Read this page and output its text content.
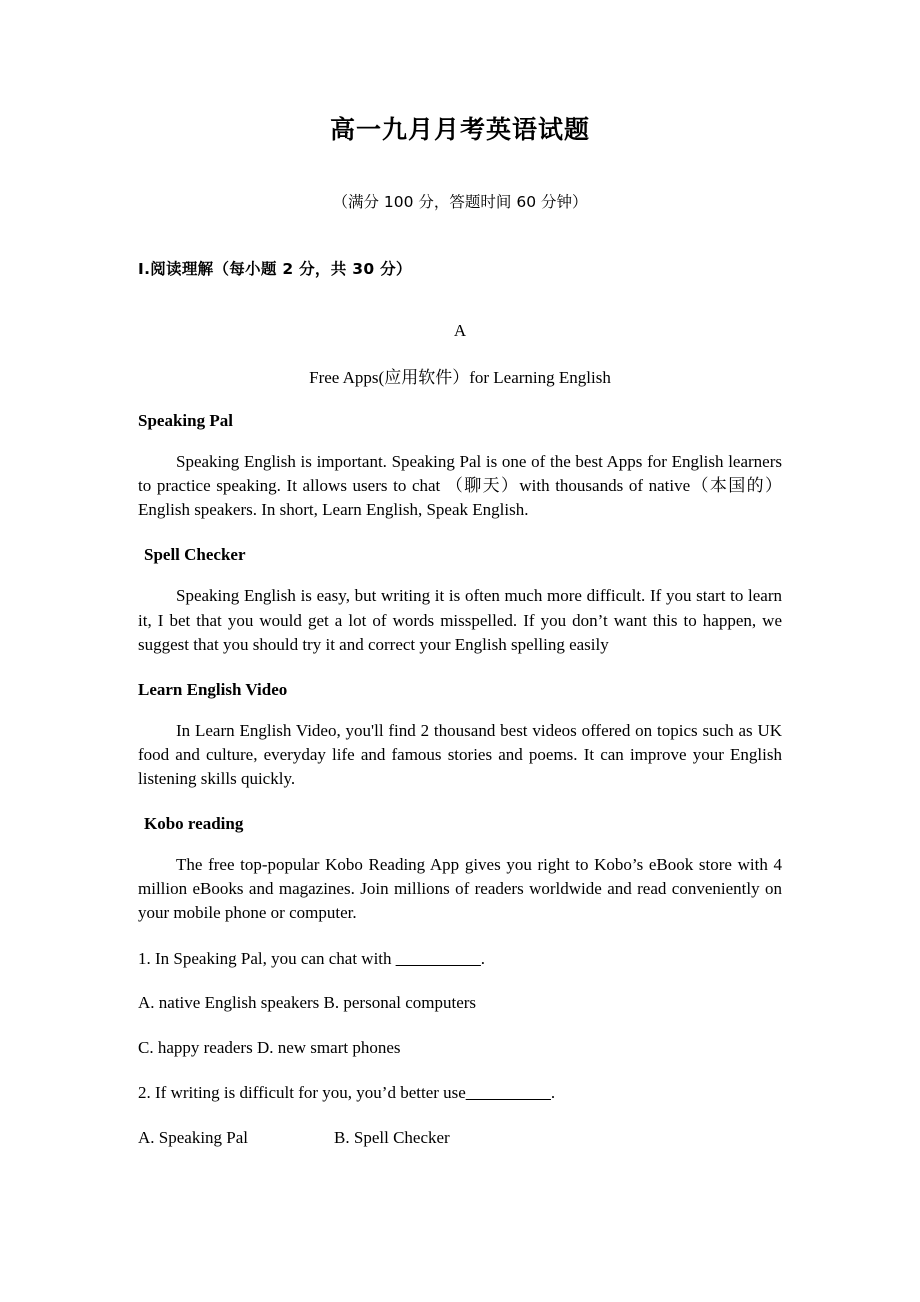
高一九月月考英语试题

（满分 100 分，答题时间 60 分钟）

Ⅰ.阅读理解（每小题 2 分，共 30 分）

A

Free Apps(应用软件）for Learning English

Speaking Pal

Speaking English is important. Speaking Pal is one of the best Apps for English learners to practice speaking. It allows users to chat （聊天）with thousands of native（本国的）English speakers. In short, Learn English, Speak English.

Spell Checker

Speaking English is easy, but writing it is often much more difficult. If you start to learn it, I bet that you would get a lot of words misspelled. If you don’t want this to happen, we suggest that you should try it and correct your English spelling easily

Learn English Video

In Learn English Video, you'll find 2 thousand best videos offered on topics such as UK food and culture, everyday life and famous stories and poems. It can improve your English listening skills quickly.

Kobo reading

The free top-popular Kobo Reading App gives you right to Kobo’s eBook store with 4 million eBooks and magazines. Join millions of readers worldwide and read conveniently on your mobile phone or computer.

1. In Speaking Pal, you can chat with __________.

A. native English speakers B. personal computers

C. happy readers D. new smart phones

2. If writing is difficult for you, you’d better use__________.

A. Speaking Pal	B. Spell Checker
